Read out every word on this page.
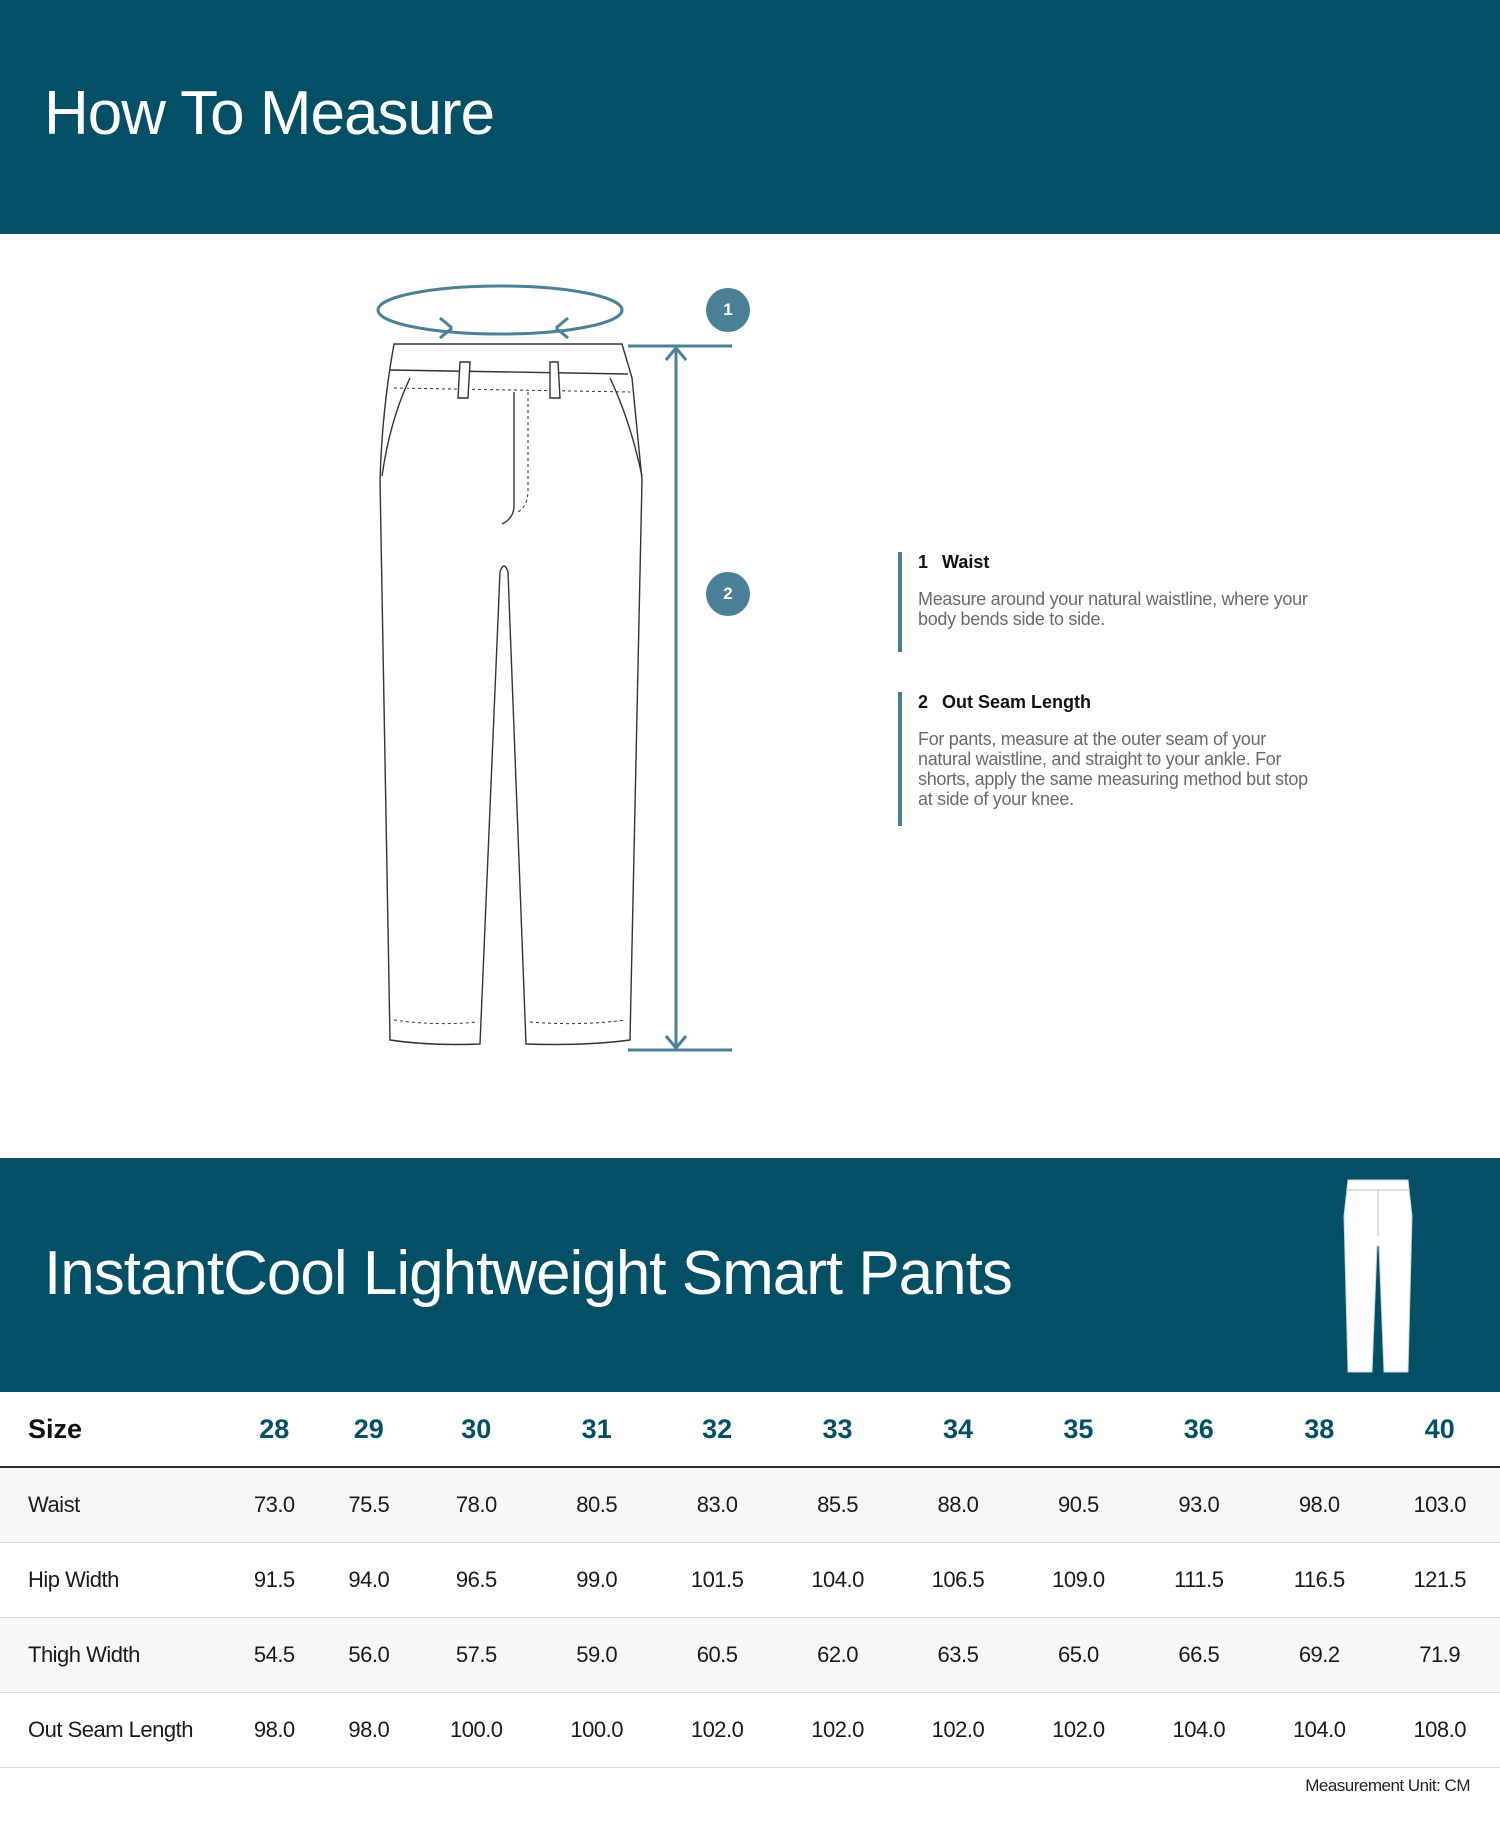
How To Measure
1
2
1 Waist
Measure around your natural waistline, where your body bends side to side.
2 Out Seam Length
For pants, measure at the outer seam of your natural waistline, and straight to your ankle. For shorts, apply the same measuring method but stop at side of your knee.
InstantCool Lightweight Smart Pants
Size	28	29	30	31	32	33	34	35	36	38	40
Waist	73.0	75.5	78.0	80.5	83.0	85.5	88.0	90.5	93.0	98.0	103.0
Hip Width	91.5	94.0	96.5	99.0	101.5	104.0	106.5	109.0	111.5	116.5	121.5
Thigh Width	54.5	56.0	57.5	59.0	60.5	62.0	63.5	65.0	66.5	69.2	71.9
Out Seam Length	98.0	98.0	100.0	100.0	102.0	102.0	102.0	102.0	104.0	104.0	108.0
Measurement Unit: CM
